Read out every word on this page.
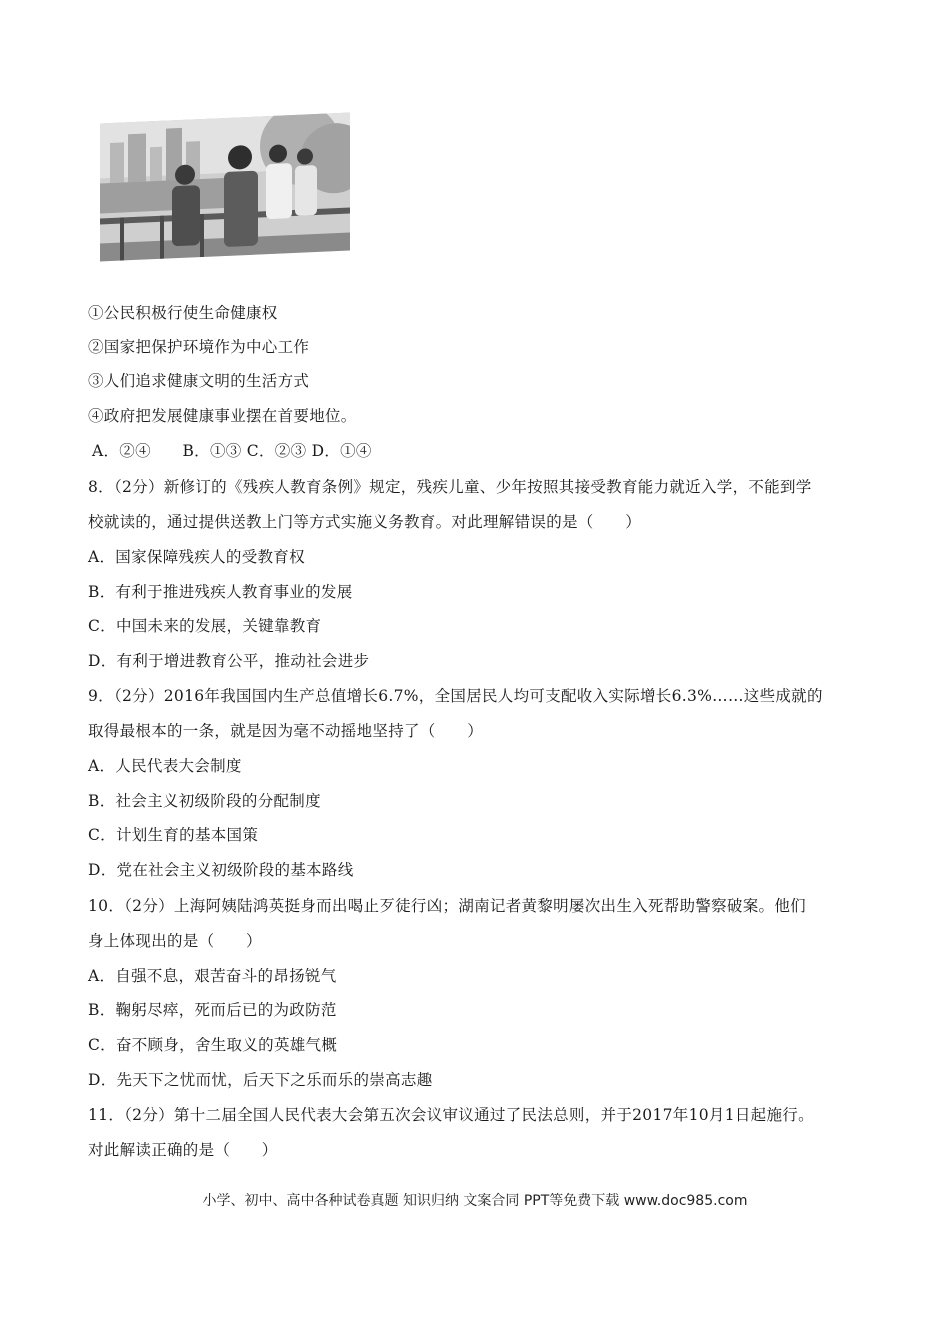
①公民积极行使生命健康权
②国家把保护环境作为中心工作
③人们追求健康文明的生活方式
④政府把发展健康事业摆在首要地位。
A．②④　　B．①③ C．②③ D．①④
8．（2分）新修订的《残疾人教育条例》规定，残疾儿童、少年按照其接受教育能力就近入学，不能到学
校就读的，通过提供送教上门等方式实施义务教育。对此理解错误的是（　　）
A．国家保障残疾人的受教育权
B．有利于推进残疾人教育事业的发展
C．中国未来的发展，关键靠教育
D．有利于增进教育公平，推动社会进步
9．（2分）2016年我国国内生产总值增长6.7%，全国居民人均可支配收入实际增长6.3%……这些成就的
取得最根本的一条，就是因为毫不动摇地坚持了（　　）
A．人民代表大会制度
B．社会主义初级阶段的分配制度
C．计划生育的基本国策
D．党在社会主义初级阶段的基本路线
10．（2分）上海阿姨陆鸿英挺身而出喝止歹徒行凶；湖南记者黄黎明屡次出生入死帮助警察破案。他们
身上体现出的是（　　）
A．自强不息，艰苦奋斗的昂扬锐气
B．鞠躬尽瘁，死而后已的为政防范
C．奋不顾身，舍生取义的英雄气概
D．先天下之忧而忧，后天下之乐而乐的崇高志趣
11．（2分）第十二届全国人民代表大会第五次会议审议通过了民法总则，并于2017年10月1日起施行。
对此解读正确的是（　　）
小学、初中、高中各种试卷真题 知识归纳 文案合同 PPT等免费下载 www.doc985.com
